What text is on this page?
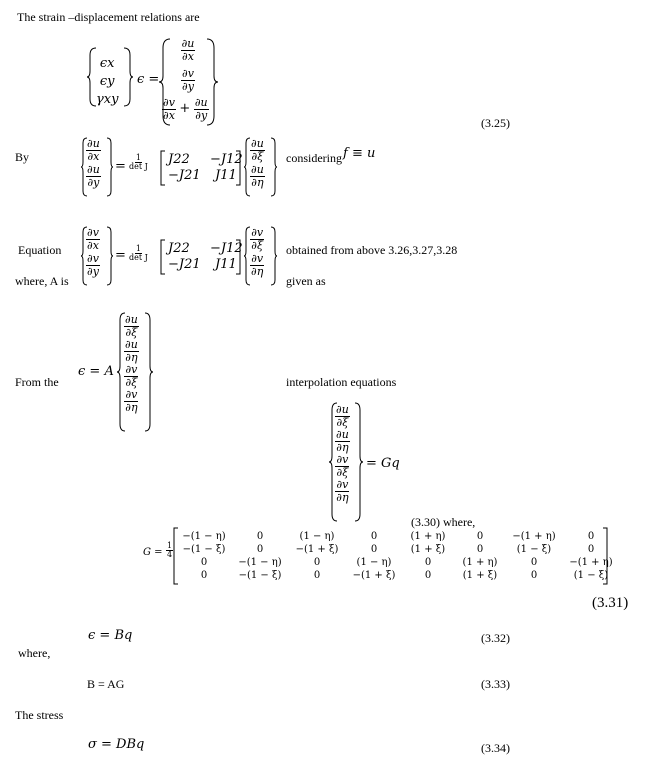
The strain –displacement relations are
ϵx
ϵy
γxy
ϵ =
$\frac{\partial u}{\partial x}$
$\frac{\partial v}{\partial y}$
$\frac{\partial v}{\partial x} + \frac{\partial u}{\partial y}$
(3.25)
By	$\frac{\partial u}{\partial x}$
$\frac{\partial u}{\partial y} = \frac{1}{\text{det J}} J22$	−J12
−J21	J11
$\frac{\partial u}{\partial\xi}$
$\frac{\partial u}{\partial\eta}$
considering f ≡ u
Equation
where, A is
$\frac{\partial v}{\partial x}$
$\frac{\partial v}{\partial y} = \frac{1}{\text{det J}} J22$	−J12
−J21	J11
$\frac{\partial v}{\partial\xi}$
$\frac{\partial v}{\partial\eta}$
obtained from above 3.26,3.27,3.28
given as
From the
ϵ = A
$\frac{\partial u}{\partial\xi}$
$\frac{\partial u}{\partial\eta}$
$\frac{\partial v}{\partial\xi}$
$\frac{\partial v}{\partial\eta}$
interpolation equations
$\frac{\partial u}{\partial\xi}$
$\frac{\partial u}{\partial\eta}$
$\frac{\partial v}{\partial\xi}$
$\frac{\partial v}{\partial\eta}$
= Gq
(3.30) where,
$G = \frac{1}{4}$
−(1 − η)	0	(1 − η)	0	(1 + η)	0	−(1 + η)	0
−(1 − ξ)	0	−(1 + ξ)	0	(1 + ξ)	0	(1 − ξ)	0
0	−(1 − η)	0	(1 − η)	0	(1 + η)	0	−(1 + η)
0	−(1 − ξ)	0	−(1 + ξ)	0	(1 + ξ)	0	(1 − ξ)
(3.31)
ϵ = Bq	(3.32)
where,
B = AG	(3.33)
The stress
σ = DBq	(3.34)
